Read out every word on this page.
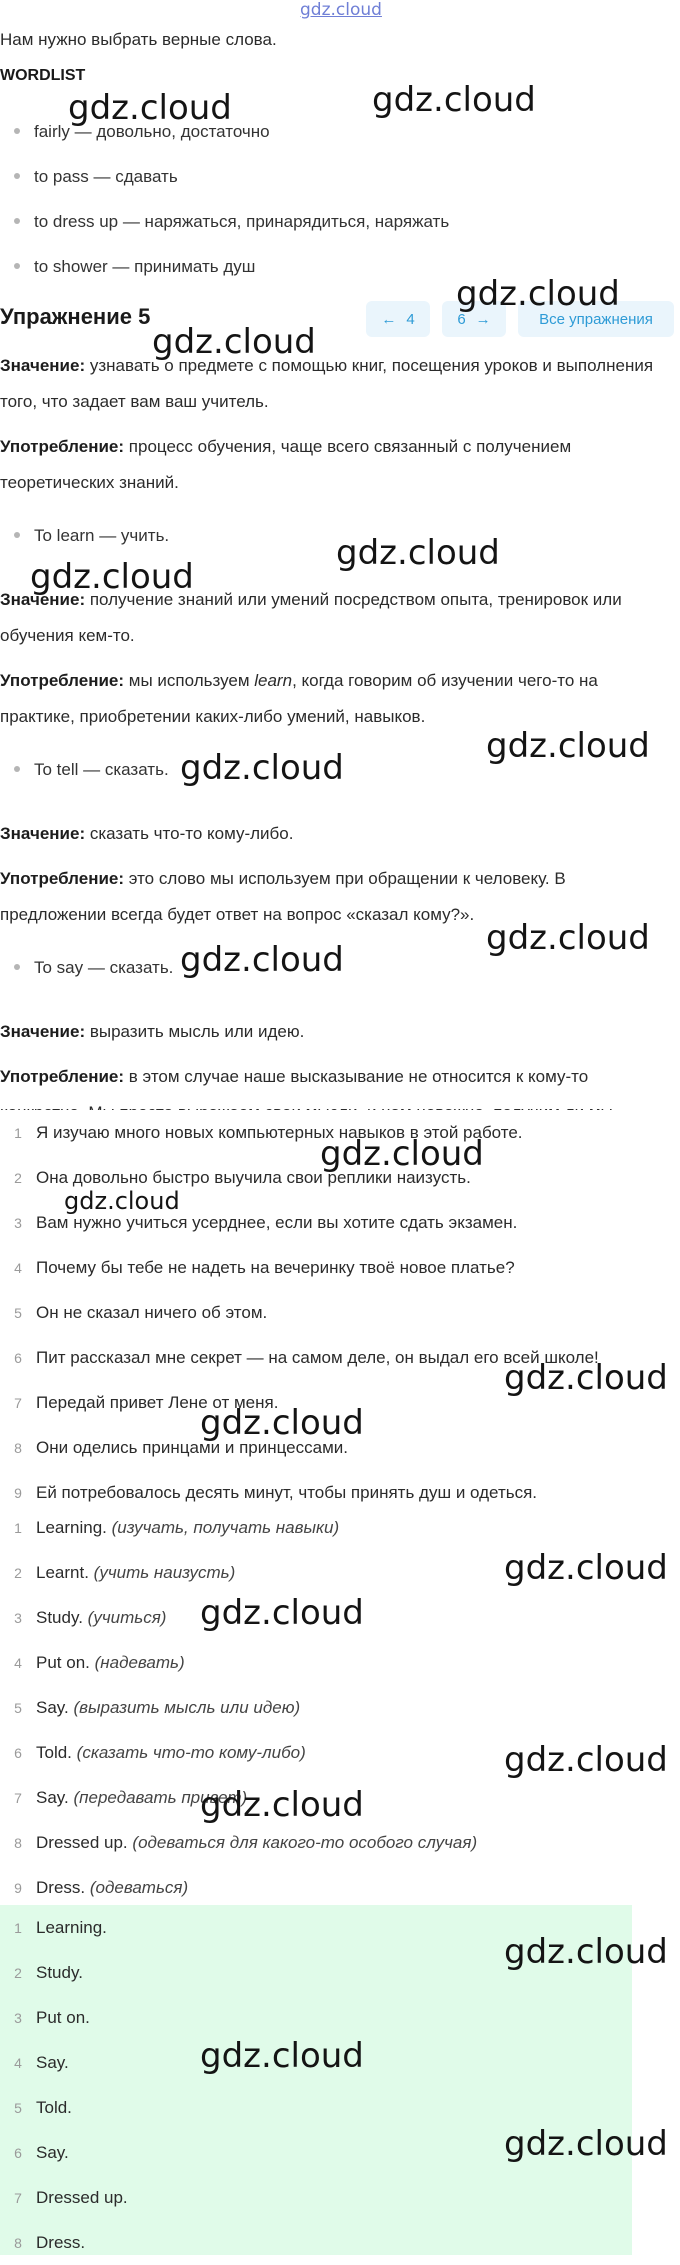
gdz.cloud
Нам нужно выбрать верные слова.
WORDLIST
fairly — довольно, достаточно
to pass — сдавать
to dress up — наряжаться, принарядиться, наряжать
to shower — принимать душ
Упражнение 5	← 4	6 →	Все упражнения
Значение: узнавать о предмете с помощью книг, посещения уроков и выполнения того, что задает вам ваш учитель.
Употребление: процесс обучения, чаще всего связанный с получением теоретических знаний.
To learn — учить.
Значение: получение знаний или умений посредством опыта, тренировок или обучения кем-то.
Употребление: мы используем learn, когда говорим об изучении чего-то на практике, приобретении каких-либо умений, навыков.
To tell — сказать.
Значение: сказать что-то кому-либо.
Употребление: это слово мы используем при обращении к человеку. В предложении всегда будет ответ на вопрос «сказал кому?».
To say — сказать.
Значение: выразить мысль или идею.
Употребление: в этом случае наше высказывание не относится к кому-то
1 Я изучаю много новых компьютерных навыков в этой работе.
2 Она довольно быстро выучила свои реплики наизусть.
3 Вам нужно учиться усерднее, если вы хотите сдать экзамен.
4 Почему бы тебе не надеть на вечеринку твоё новое платье?
5 Он не сказал ничего об этом.
6 Пит рассказал мне секрет — на самом деле, он выдал его всей школе!
7 Передай привет Лене от меня.
8 Они оделись принцами и принцессами.
9 Ей потребовалось десять минут, чтобы принять душ и одеться.
1 Learning.
(изучать, получать навыки)
2 Learnt.
(учить наизусть)
3 Study.
(учиться)
4 Put on.
(надевать)
5 Say.
(выразить мысль или идею)
6 Told.
(сказать что-то кому-либо)
7 Say.
(передавать привет)
8 Dressed up.
(одеваться для какого-то особого случая)
9 Dress.
(одеваться)
1 Learning.
2 Study.
3 Put on.
4 Say.
5 Told.
6 Say.
7 Dressed up.
8 Dress.
gdz.cloud	gdz.cloud
gdz.cloud
gdz.cloud
gdz.cloud
gdz.cloud
gdz.cloud
gdz.cloud
gdz.cloud
gdz.cloud
gdz.cloud
gdz.cloud
gdz.cloud
gdz.cloud
gdz.cloud
gdz.cloud
gdz.cloud
gdz.cloud
gdz.cloud
gdz.cloud
gdz.cloud
